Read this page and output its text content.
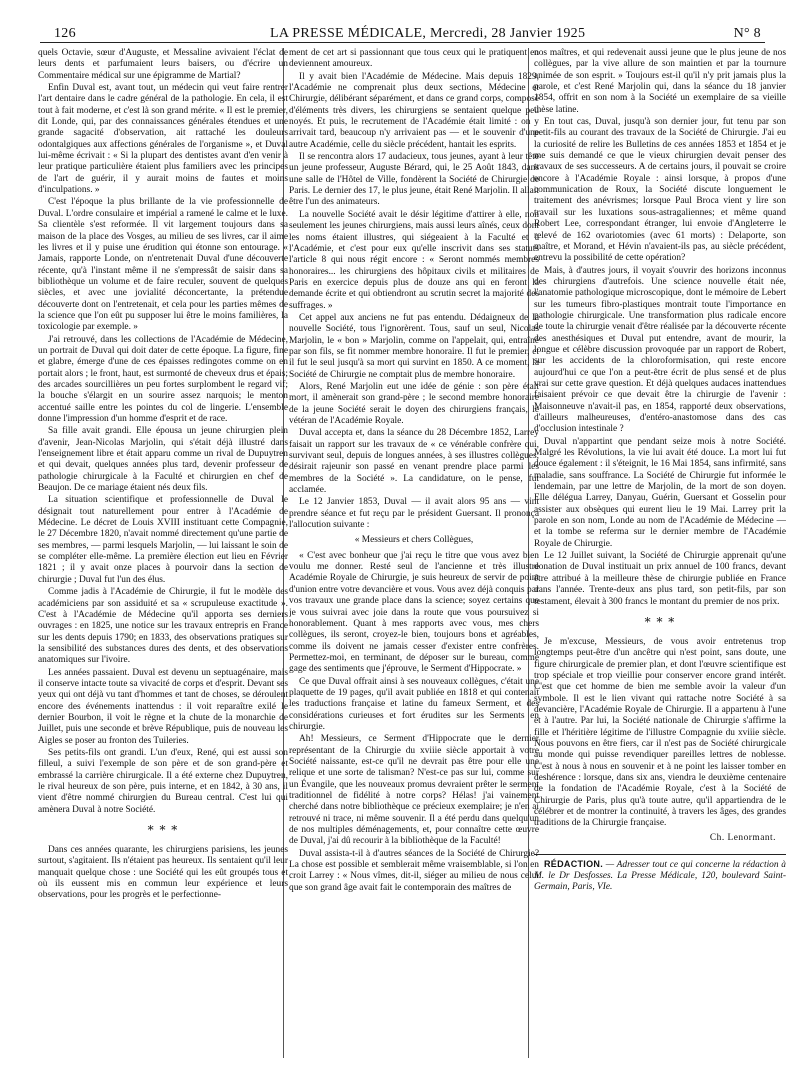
126	LA PRESSE MÉDICALE, Mercredi, 28 Janvier 1925	N° 8

quels Octavie, sœur d'Auguste, et Messaline avivaient l'éclat de leurs dents et parfumaient leurs baisers, ou d'écrire un Commentaire médical sur une épigramme de Martial?

Enfin Duval est, avant tout, un médecin qui veut faire rentrer l'art dentaire dans le cadre général de la pathologie. En cela, il est tout à fait moderne, et c'est là son grand mérite. « Il est le premier, dit Londe, qui, par des connaissances générales étendues et une grande sagacité d'observation, ait rattaché les douleurs odontalgiques aux affections générales de l'organisme », et Duval lui-même écrivait : « Si la plupart des dentistes avant d'en venir à leur pratique particulière étaient plus familiers avec les principes de l'art de guérir, il y aurait moins de fautes et moins d'inculpations. »

C'est l'époque la plus brillante de la vie professionnelle de Duval. L'ordre consulaire et impérial a ramené le calme et le luxe. Sa clientèle s'est reformée. Il vit largement toujours dans sa maison de la place des Vosges, au milieu de ses livres, car il aime les livres et il y puise une érudition qui étonne son entourage. « Jamais, rapporte Londe, on n'entretenait Duval d'une découverte récente, qu'à l'instant même il ne s'empressât de saisir dans sa bibliothèque un volume et de faire reculer, souvent de quelques siècles, et avec une jovialité déconcertante, la prétendue découverte dont on l'entretenait, et cela pour les parties mêmes de la science que l'on eût pu supposer lui être le moins familières, la toxicologie par exemple. »

J'ai retrouvé, dans les collections de l'Académie de Médecine, un portrait de Duval qui doit dater de cette époque. La figure, fine et glabre, émerge d'une de ces épaisses redingotes comme on en portait alors ; le front, haut, est surmonté de cheveux drus et épais; des arcades sourcillières un peu fortes surplombent le regard vif; la bouche s'élargit en un sourire assez narquois; le menton accentué saille entre les pointes du col de lingerie. L'ensemble donne l'impression d'un homme d'esprit et de race.

Sa fille avait grandi. Elle épousa un jeune chirurgien plein d'avenir, Jean-Nicolas Marjolin, qui s'était déjà illustré dans l'enseignement libre et était apparu comme un rival de Dupuytren et qui devait, quelques années plus tard, devenir professeur de pathologie chirurgicale à la Faculté et chirurgien en chef de Beaujon. De ce mariage étaient nés deux fils.

La situation scientifique et professionnelle de Duval le désignait tout naturellement pour entrer à l'Académie de Médecine. Le décret de Louis XVIII instituant cette Compagnie, le 27 Décembre 1820, n'avait nommé directement qu'une partie de ses membres, — parmi lesquels Marjolin, — lui laissant le soin de se compléter elle-même. La première élection eut lieu en Février 1821 ; il y avait onze places à pourvoir dans la section de chirurgie ; Duval fut l'un des élus.

Comme jadis à l'Académie de Chirurgie, il fut le modèle des académiciens par son assiduité et sa « scrupuleuse exactitude ». C'est à l'Académie de Médecine qu'il apporta ses derniers ouvrages : en 1825, une notice sur les travaux entrepris en France sur les dents depuis 1790; en 1833, des observations pratiques sur la sensibilité des substances dures des dents, et des observations anatomiques sur l'ivoire.

Les années passaient. Duval est devenu un septuagénaire, mais il conserve intacte toute sa vivacité de corps et d'esprit. Devant ses yeux qui ont déjà vu tant d'hommes et tant de choses, se déroulent encore des événements inattendus : il voit reparaître exilé le dernier Bourbon, il voit le règne et la chute de la monarchie de Juillet, puis une seconde et brève République, puis de nouveau les Aigles se poser au fronton des Tuileries.

Ses petits-fils ont grandi. L'un d'eux, René, qui est aussi son filleul, a suivi l'exemple de son père et de son grand-père et embrassé la carrière chirurgicale. Il a été externe chez Dupuytren, le rival heureux de son père, puis interne, et en 1842, à 30 ans, il vient d'être nommé chirurgien du Bureau central. C'est lui qui amènera Duval à notre Société.

* * *

Dans ces années quarante, les chirurgiens parisiens, les jeunes surtout, s'agitaient. Ils n'étaient pas heureux. Ils sentaient qu'il leur manquait quelque chose : une Société qui les eût groupés tous et où ils eussent mis en commun leur expérience et leurs observations, pour les progrès et le perfectionne-

ment de cet art si passionnant que tous ceux qui le pratiquent en deviennent amoureux.

Il y avait bien l'Académie de Médecine. Mais depuis 1829, l'Académie ne comprenait plus deux sections, Médecine et Chirurgie, délibérant séparément, et dans ce grand corps, composé d'éléments très divers, les chirurgiens se sentaient quelque peu noyés. Et puis, le recrutement de l'Académie était limité : on y arrivait tard, beaucoup n'y arrivaient pas — et le souvenir d'une autre Académie, celle du siècle précédent, hantait les esprits.

Il se rencontra alors 17 audacieux, tous jeunes, ayant à leur tête un jeune professeur, Auguste Bérard, qui, le 25 Août 1843, dans une salle de l'Hôtel de Ville, fondèrent la Société de Chirurgie de Paris. Le dernier des 17, le plus jeune, était René Marjolin. Il allait être l'un des animateurs.

La nouvelle Société avait le désir légitime d'attirer à elle, non seulement les jeunes chirurgiens, mais aussi leurs aînés, ceux dont les noms étaient illustres, qui siégeaient à la Faculté et à l'Académie, et c'est pour eux qu'elle inscrivit dans ses statuts l'article 8 qui nous régit encore : « Seront nommés membres honoraires... les chirurgiens des hôpitaux civils et militaires de Paris en exercice depuis plus de douze ans qui en feront la demande écrite et qui obtiendront au scrutin secret la majorité des suffrages. »

Cet appel aux anciens ne fut pas entendu. Dédaigneux de la nouvelle Société, tous l'ignorèrent. Tous, sauf un seul, Nicolas Marjolin, le « bon » Marjolin, comme on l'appelait, qui, entraîné par son fils, se fit nommer membre honoraire. Il fut le premier, et il fut le seul jusqu'à sa mort qui survint en 1850. A ce moment, la Société de Chirurgie ne comptait plus de membre honoraire.

Alors, René Marjolin eut une idée de génie : son père était mort, il amènerait son grand-père ; le second membre honoraire de la jeune Société serait le doyen des chirurgiens français, le vétéran de l'Académie Royale.

Duval accepta et, dans la séance du 28 Décembre 1852, Larrey faisait un rapport sur les travaux de « ce vénérable confrère qui, survivant seul, depuis de longues années, à ses illustres collègues, désirait rajeunir son passé en venant prendre place parmi les membres de la Société ». La candidature, on le pense, fut acclamée.

Le 12 Janvier 1853, Duval — il avait alors 95 ans — vint prendre séance et fut reçu par le président Guersant. Il prononça l'allocution suivante :

« Messieurs et chers Collègues,

« C'est avec bonheur que j'ai reçu le titre que vous avez bien voulu me donner. Resté seul de l'ancienne et très illustre Académie Royale de Chirurgie, je suis heureux de servir de point d'union entre votre devancière et vous. Vous avez déjà conquis par vos travaux une grande place dans la science; soyez certains que je vous suivrai avec joie dans la route que vous poursuivez si honorablement. Quant à mes rapports avec vous, mes chers collègues, ils seront, croyez-le bien, toujours bons et agréables, comme ils doivent ne jamais cesser d'exister entre confrères. Permettez-moi, en terminant, de déposer sur le bureau, comme gage des sentiments que j'éprouve, le Serment d'Hippocrate. »

Ce que Duval offrait ainsi à ses nouveaux collègues, c'était une plaquette de 19 pages, qu'il avait publiée en 1818 et qui contenait les traductions française et latine du fameux Serment, et des considérations curieuses et fort érudites sur les Serments en chirurgie.

Ah! Messieurs, ce Serment d'Hippocrate que le dernier représentant de la Chirurgie du xviiie siècle apportait à votre Société naissante, est-ce qu'il ne devrait pas être pour elle une relique et une sorte de talisman? N'est-ce pas sur lui, comme sur un Évangile, que les nouveaux promus devraient prêter le serment traditionnel de fidélité à notre corps? Hélas! j'ai vainement cherché dans notre bibliothèque ce précieux exemplaire; je n'en ai retrouvé ni trace, ni même souvenir. Il a été perdu dans quelqu'un de nos multiples déménagements, et, pour connaître cette œuvre de Duval, j'ai dû recourir à la bibliothèque de la Faculté!

Duval assista-t-il à d'autres séances de la Société de Chirurgie? La chose est possible et semblerait même vraisemblable, si l'on en croit Larrey : « Nous vîmes, dit-il, siéger au milieu de nous celui que son grand âge avait fait le contemporain des maîtres de

nos maîtres, et qui redevenait aussi jeune que le plus jeune de nos collègues, par la vive allure de son maintien et par la tournure animée de son esprit. » Toujours est-il qu'il n'y prit jamais plus la parole, et c'est René Marjolin qui, dans la séance du 18 janvier 1854, offrit en son nom à la Société un exemplaire de sa vieille thèse latine.

En tout cas, Duval, jusqu'à son dernier jour, fut tenu par son petit-fils au courant des travaux de la Société de Chirurgie. J'ai eu la curiosité de relire les Bulletins de ces années 1853 et 1854 et je me suis demandé ce que le vieux chirurgien devait penser des travaux de ses successeurs. A de certains jours, il pouvait se croire encore à l'Académie Royale : ainsi lorsque, à propos d'une communication de Roux, la Société discute longuement le traitement des anévrismes; lorsque Paul Broca vient y lire son travail sur les luxations sous-astragaliennes; et même quand Robert Lee, correspondant étranger, lui envoie d'Angleterre le relevé de 162 ovariotomies (avec 61 morts) : Delaporte, son maître, et Morand, et Hévin n'avaient-ils pas, au siècle précédent, entrevu la possibilité de cette opération?

Mais, à d'autres jours, il voyait s'ouvrir des horizons inconnus des chirurgiens d'autrefois. Une science nouvelle était née, l'anatomie pathologique microscopique, dont le mémoire de Lebert sur les tumeurs fibro-plastiques montrait toute l'importance en pathologie chirurgicale. Une transformation plus radicale encore de toute la chirurgie venait d'être réalisée par la découverte récente des anesthésiques et Duval put entendre, avant de mourir, la longue et célèbre discussion provoquée par un rapport de Robert, sur les accidents de la chloroformisation, qui reste encore aujourd'hui ce que l'on a peut-être écrit de plus sensé et de plus vrai sur cette grave question. Et déjà quelques audaces inattendues faisaient prévoir ce que devait être la chirurgie de l'avenir : Maisonneuve n'avait-il pas, en 1854, rapporté deux observations, d'ailleurs malheureuses, d'entéro-anastomose dans des cas d'occlusion intestinale ?

Duval n'appartint que pendant seize mois à notre Société. Malgré les Révolutions, la vie lui avait été douce. La mort lui fut douce également : il s'éteignit, le 16 Mai 1854, sans infirmité, sans maladie, sans souffrance. La Société de Chirurgie fut informée le lendemain, par une lettre de Marjolin, de la mort de son doyen. Elle délégua Larrey, Danyau, Guérin, Guersant et Gosselin pour assister aux obsèques qui eurent lieu le 19 Mai. Larrey prit la parole en son nom, Londe au nom de l'Académie de Médecine — et la tombe se referma sur le dernier membre de l'Académie Royale de Chirurgie.

Le 12 Juillet suivant, la Société de Chirurgie apprenait qu'une donation de Duval instituait un prix annuel de 100 francs, devant être attribué à la meilleure thèse de chirurgie publiée en France dans l'année. Trente-deux ans plus tard, son petit-fils, par son testament, élevait à 300 francs le montant du premier de nos prix.

* * *

Je m'excuse, Messieurs, de vous avoir entretenus trop longtemps peut-être d'un ancêtre qui n'est point, sans doute, une figure chirurgicale de premier plan, et dont l'œuvre scientifique est trop spéciale et trop vieillie pour conserver encore grand intérêt. C'est que cet homme de bien me semble avoir la valeur d'un symbole. Il est le lien vivant qui rattache notre Société à sa devancière, l'Académie Royale de Chirurgie. Il a appartenu à l'une et à l'autre. Par lui, la Société nationale de Chirurgie s'affirme la fille et l'héritière légitime de l'illustre Compagnie du xviiie siècle. Nous pouvons en être fiers, car il n'est pas de Société chirurgicale au monde qui puisse revendiquer pareilles lettres de noblesse. C'est à nous à nous en souvenir et à ne point les laisser tomber en deshérence : lorsque, dans six ans, viendra le deuxième centenaire de la fondation de l'Académie Royale, c'est à la Société de Chirurgie de Paris, plus qu'à toute autre, qu'il appartiendra de le célébrer et de montrer la continuité, à travers les âges, des grandes traditions de la Chirurgie française.

Ch. Lenormant.

RÉDACTION. — Adresser tout ce qui concerne la rédaction à M. le Dr Desfosses. La Presse Médicale, 120, boulevard Saint-Germain, Paris, VIe.
